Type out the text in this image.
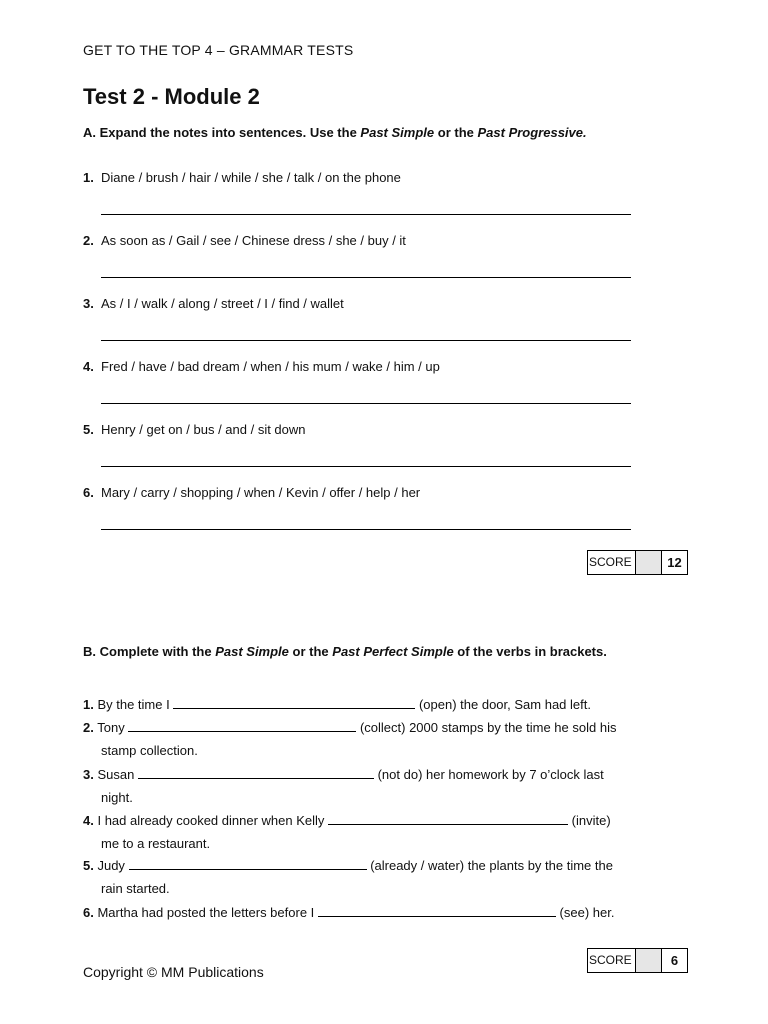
GET TO THE TOP 4 – GRAMMAR TESTS
Test 2 - Module 2
A. Expand the notes into sentences. Use the Past Simple or the Past Progressive.
1. Diane / brush / hair / while / she / talk / on the phone
2. As soon as / Gail / see / Chinese dress / she / buy / it
3. As / I / walk / along / street / I / find / wallet
4. Fred / have / bad dream / when / his mum / wake / him / up
5. Henry / get on / bus / and / sit down
6. Mary / carry / shopping / when / Kevin / offer / help / her
SCORE	12
B. Complete with the Past Simple or the Past Perfect Simple of the verbs in brackets.
1. By the time I	(open) the door, Sam had left.
2. Tony	(collect) 2000 stamps by the time he sold his
stamp collection.
3. Susan	(not do) her homework by 7 o’clock last
night.
4. I had already cooked dinner when Kelly	(invite)
me to a restaurant.
5. Judy	(already / water) the plants by the time the
rain started.
6. Martha had posted the letters before I	(see) her.
SCORE	6
Copyright © MM Publications
